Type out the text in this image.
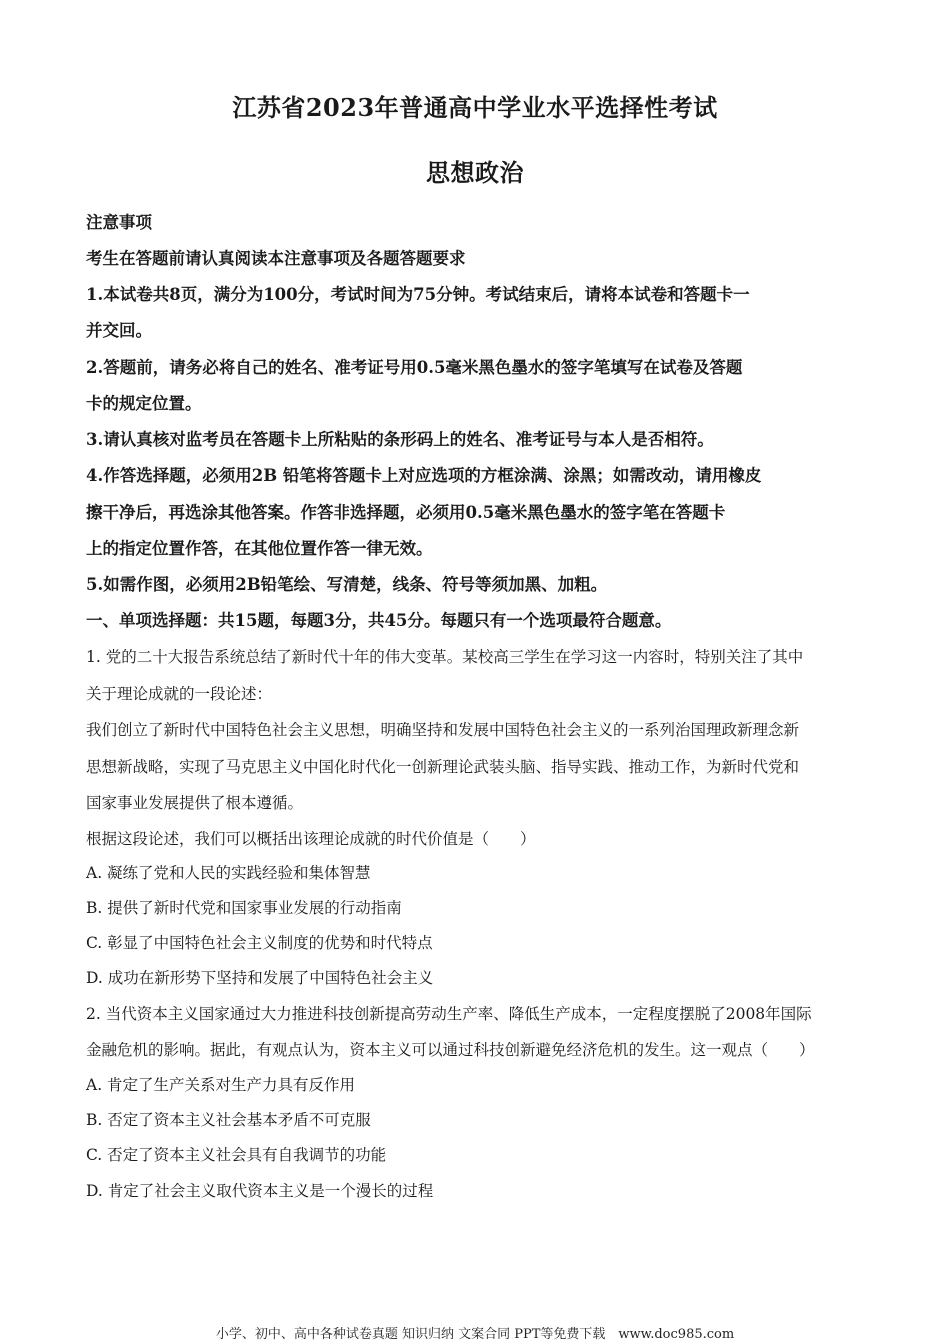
江苏省2023年普通高中学业水平选择性考试
思想政治
注意事项
考生在答题前请认真阅读本注意事项及各题答题要求
1.本试卷共8页，满分为100分，考试时间为75分钟。考试结束后，请将本试卷和答题卡一
并交回。
2.答题前，请务必将自己的姓名、准考证号用0.5毫米黑色墨水的签字笔填写在试卷及答题
卡的规定位置。
3.请认真核对监考员在答题卡上所粘贴的条形码上的姓名、准考证号与本人是否相符。
4.作答选择题，必须用2B 铅笔将答题卡上对应选项的方框涂满、涂黑；如需改动，请用橡皮
擦干净后，再选涂其他答案。作答非选择题，必须用0.5毫米黑色墨水的签字笔在答题卡
上的指定位置作答，在其他位置作答一律无效。
5.如需作图，必须用2B铅笔绘、写清楚，线条、符号等须加黑、加粗。
一、单项选择题：共15题，每题3分，共45分。每题只有一个选项最符合题意。
1. 党的二十大报告系统总结了新时代十年的伟大变革。某校高三学生在学习这一内容时，特别关注了其中
关于理论成就的一段论述：
我们创立了新时代中国特色社会主义思想，明确坚持和发展中国特色社会主义的一系列治国理政新理念新
思想新战略，实现了马克思主义中国化时代化一创新理论武装头脑、指导实践、推动工作，为新时代党和
国家事业发展提供了根本遵循。
根据这段论述，我们可以概括出该理论成就的时代价值是（　　）
A. 凝练了党和人民的实践经验和集体智慧
B. 提供了新时代党和国家事业发展的行动指南
C. 彰显了中国特色社会主义制度的优势和时代特点
D. 成功在新形势下坚持和发展了中国特色社会主义
2. 当代资本主义国家通过大力推进科技创新提高劳动生产率、降低生产成本，一定程度摆脱了2008年国际
金融危机的影响。据此，有观点认为，资本主义可以通过科技创新避免经济危机的发生。这一观点（　　）
A. 肯定了生产关系对生产力具有反作用
B. 否定了资本主义社会基本矛盾不可克服
C. 否定了资本主义社会具有自我调节的功能
D. 肯定了社会主义取代资本主义是一个漫长的过程
小学、初中、高中各种试卷真题 知识归纳 文案合同 PPT等免费下载　www.doc985.com
